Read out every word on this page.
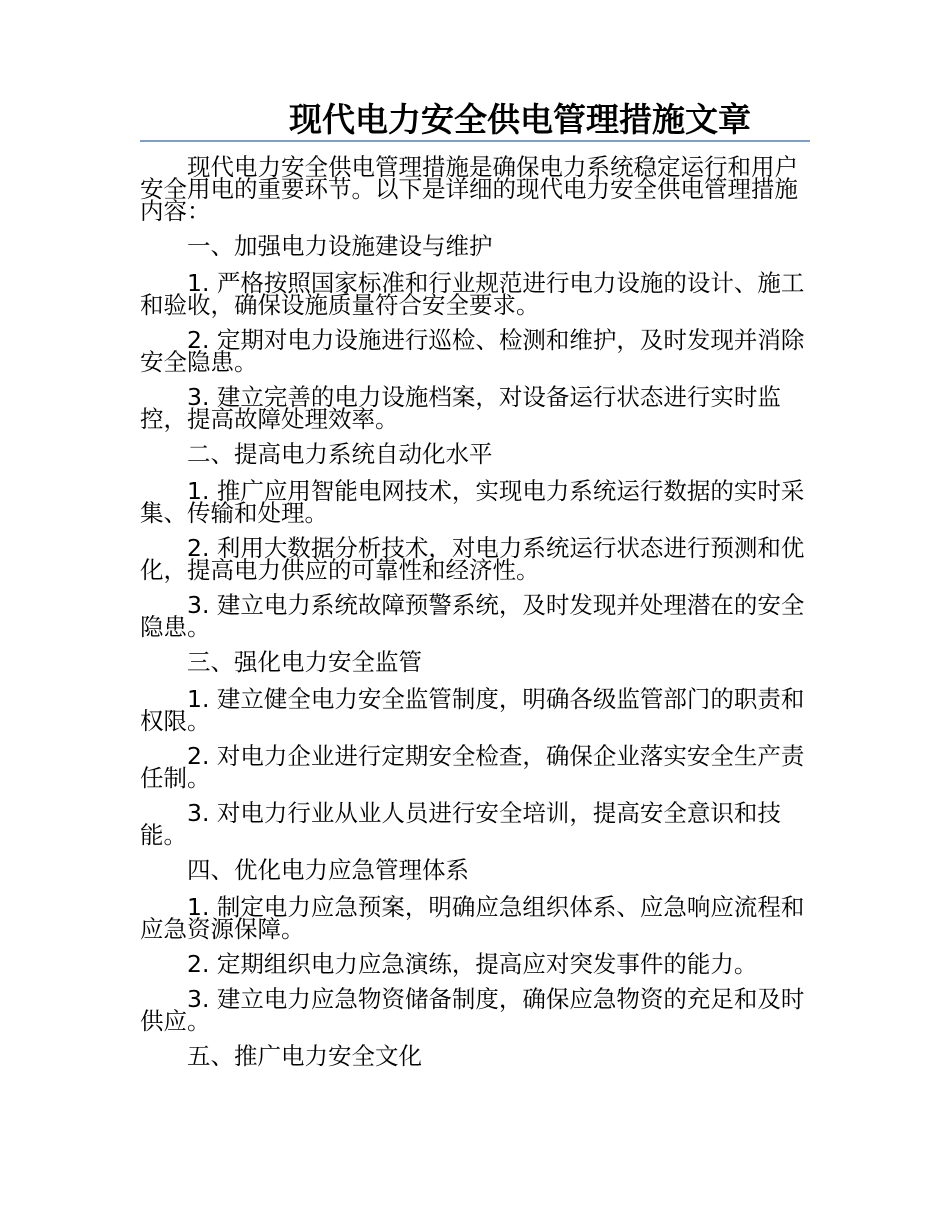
现代电力安全供电管理措施文章

现代电力安全供电管理措施是确保电力系统稳定运行和用户安全用电的重要环节。以下是详细的现代电力安全供电管理措施内容：

一、加强电力设施建设与维护

1. 严格按照国家标准和行业规范进行电力设施的设计、施工和验收，确保设施质量符合安全要求。

2. 定期对电力设施进行巡检、检测和维护，及时发现并消除安全隐患。

3. 建立完善的电力设施档案，对设备运行状态进行实时监控，提高故障处理效率。

二、提高电力系统自动化水平

1. 推广应用智能电网技术，实现电力系统运行数据的实时采集、传输和处理。

2. 利用大数据分析技术，对电力系统运行状态进行预测和优化，提高电力供应的可靠性和经济性。

3. 建立电力系统故障预警系统，及时发现并处理潜在的安全隐患。

三、强化电力安全监管

1. 建立健全电力安全监管制度，明确各级监管部门的职责和权限。

2. 对电力企业进行定期安全检查，确保企业落实安全生产责任制。

3. 对电力行业从业人员进行安全培训，提高安全意识和技能。

四、优化电力应急管理体系

1. 制定电力应急预案，明确应急组织体系、应急响应流程和应急资源保障。

2. 定期组织电力应急演练，提高应对突发事件的能力。

3. 建立电力应急物资储备制度，确保应急物资的充足和及时供应。

五、推广电力安全文化
